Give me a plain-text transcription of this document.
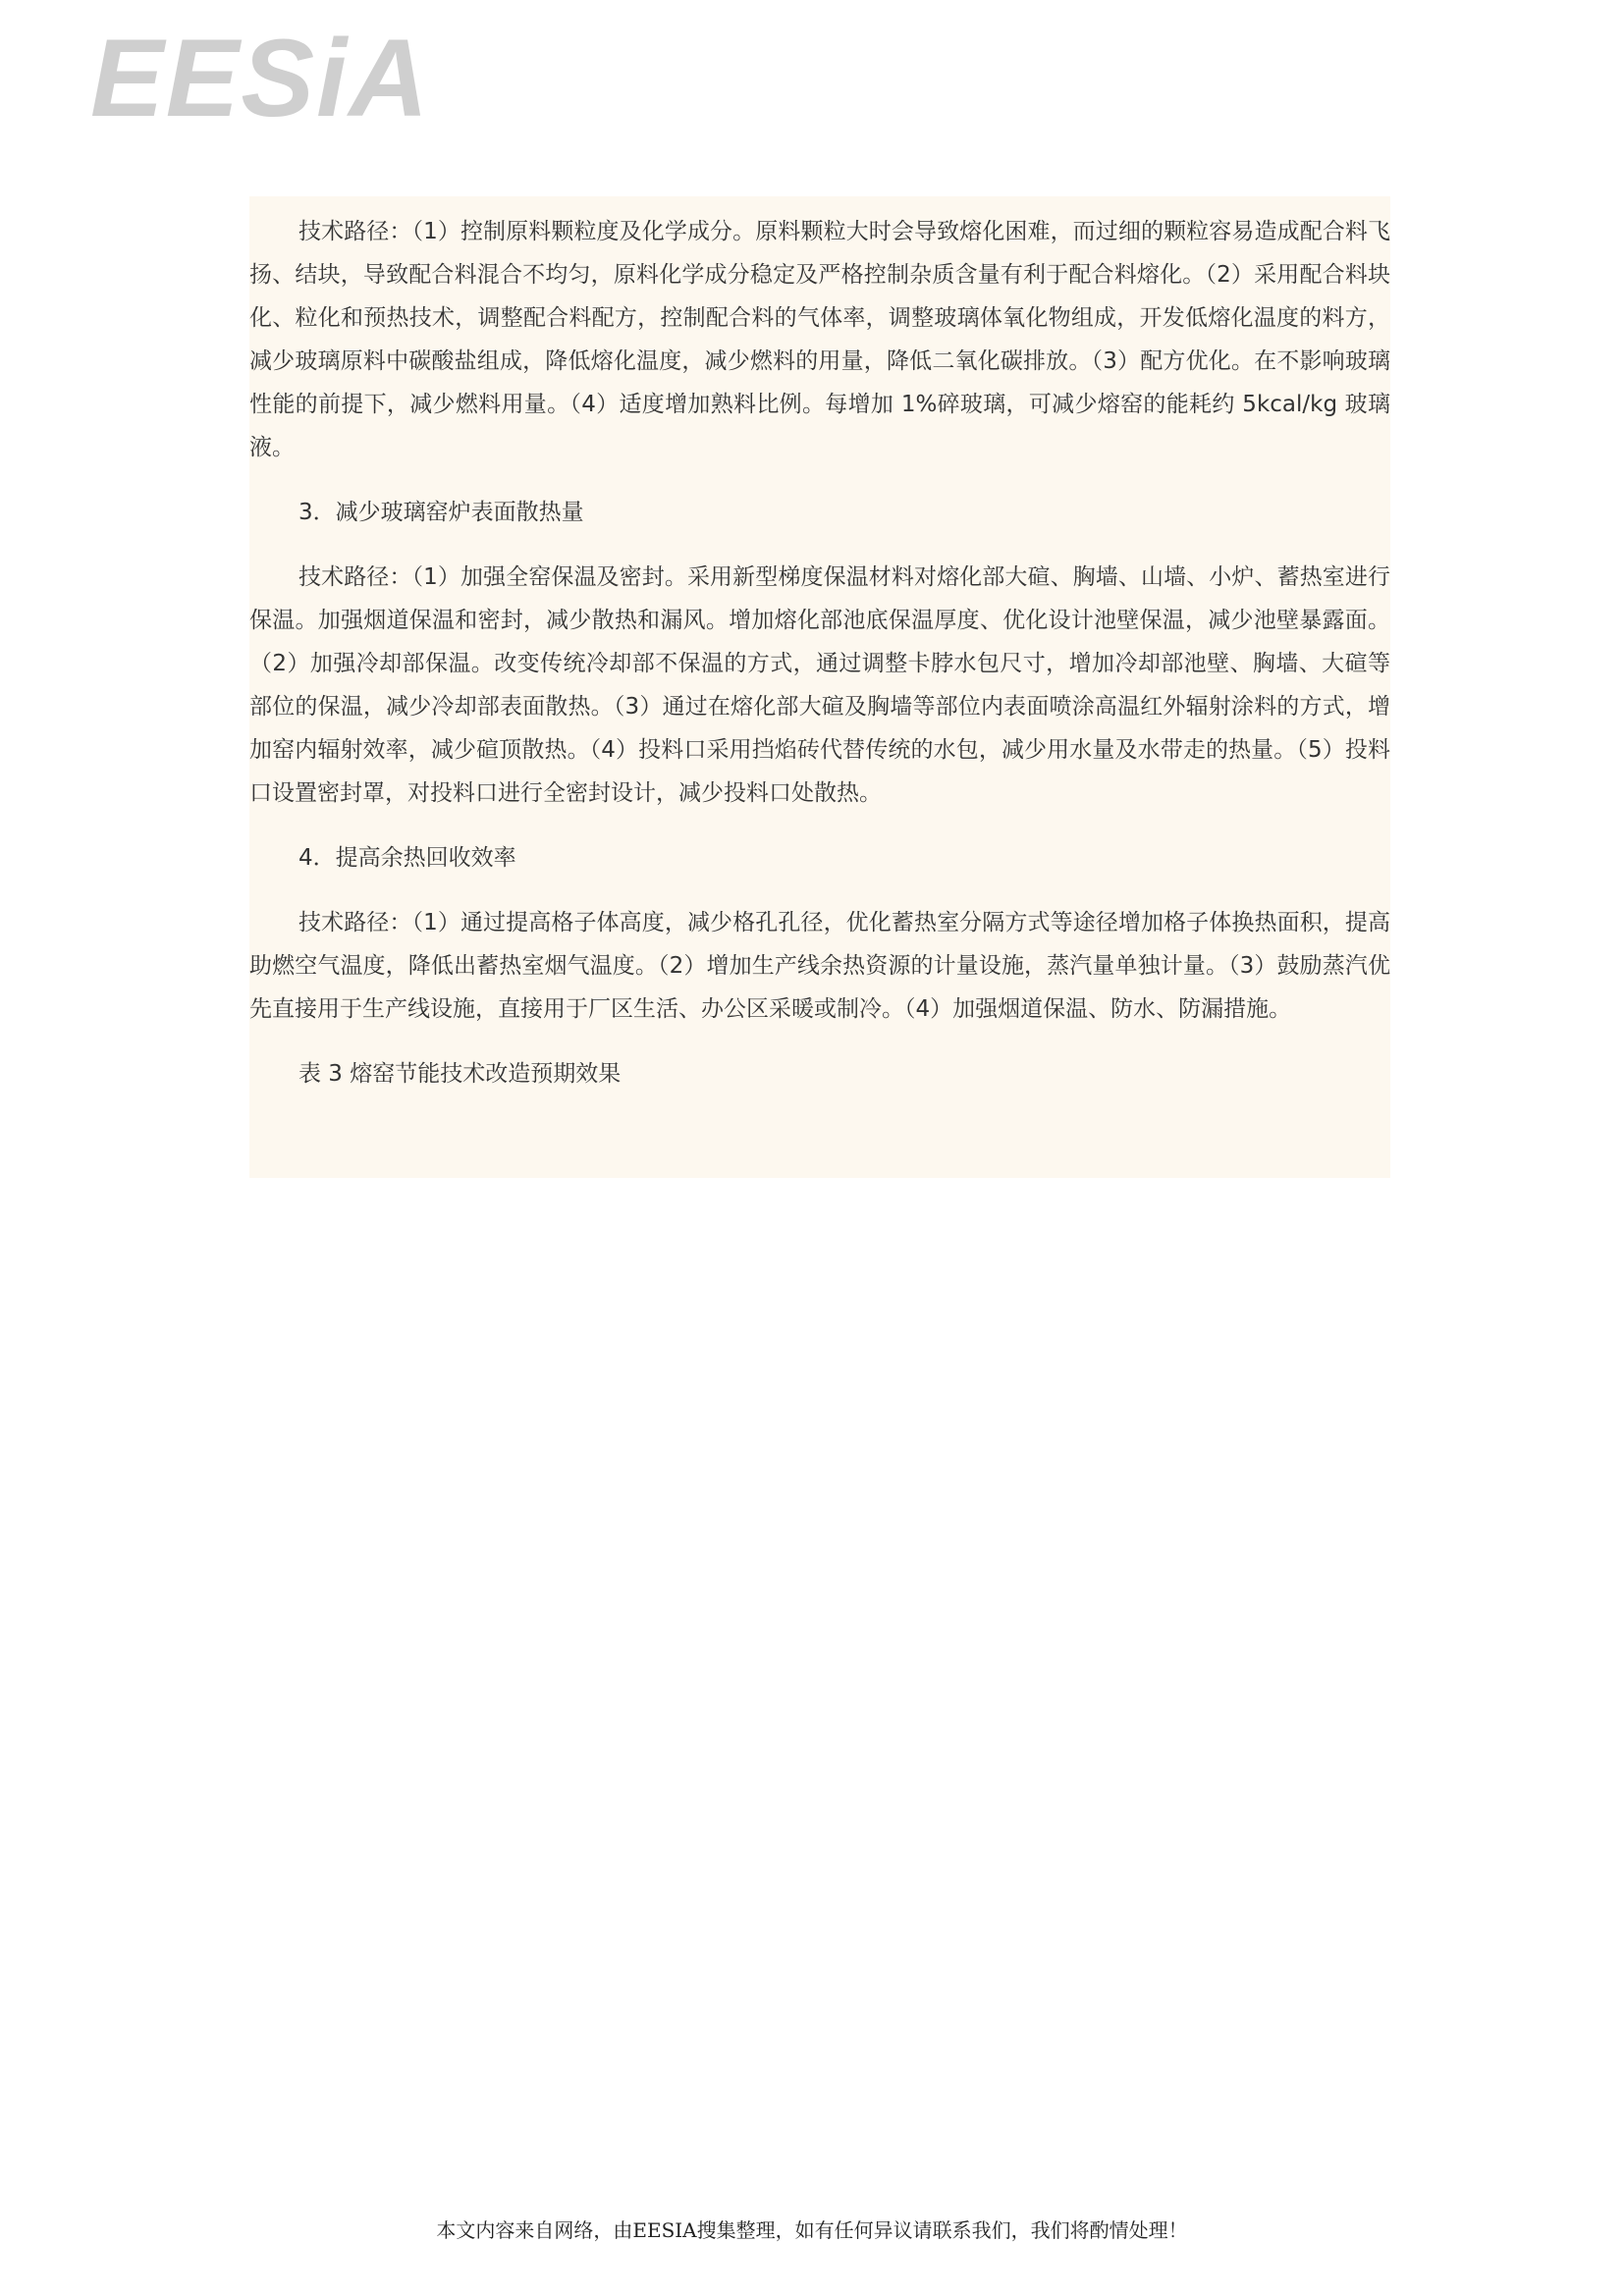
EESiA

技术路径：（1）控制原料颗粒度及化学成分。原料颗粒大时会导致熔化困难，而过细的颗粒容易造成配合料飞扬、结块，导致配合料混合不均匀，原料化学成分稳定及严格控制杂质含量有利于配合料熔化。（2）采用配合料块化、粒化和预热技术，调整配合料配方，控制配合料的气体率，调整玻璃体氧化物组成，开发低熔化温度的料方，减少玻璃原料中碳酸盐组成，降低熔化温度，减少燃料的用量，降低二氧化碳排放。（3）配方优化。在不影响玻璃性能的前提下，减少燃料用量。（4）适度增加熟料比例。每增加 1%碎玻璃，可减少熔窑的能耗约 5kcal/kg 玻璃液。

3．减少玻璃窑炉表面散热量

技术路径：（1）加强全窑保温及密封。采用新型梯度保温材料对熔化部大碹、胸墙、山墙、小炉、蓄热室进行保温。加强烟道保温和密封，减少散热和漏风。增加熔化部池底保温厚度、优化设计池壁保温，减少池壁暴露面。（2）加强冷却部保温。改变传统冷却部不保温的方式，通过调整卡脖水包尺寸，增加冷却部池壁、胸墙、大碹等部位的保温，减少冷却部表面散热。（3）通过在熔化部大碹及胸墙等部位内表面喷涂高温红外辐射涂料的方式，增加窑内辐射效率，减少碹顶散热。（4）投料口采用挡焰砖代替传统的水包，减少用水量及水带走的热量。（5）投料口设置密封罩，对投料口进行全密封设计，减少投料口处散热。

4．提高余热回收效率

技术路径：（1）通过提高格子体高度，减少格孔孔径，优化蓄热室分隔方式等途径增加格子体换热面积，提高助燃空气温度，降低出蓄热室烟气温度。（2）增加生产线余热资源的计量设施，蒸汽量单独计量。（3）鼓励蒸汽优先直接用于生产线设施，直接用于厂区生活、办公区采暖或制冷。（4）加强烟道保温、防水、防漏措施。

表 3 熔窑节能技术改造预期效果

本文内容来自网络，由EESIA搜集整理，如有任何异议请联系我们，我们将酌情处理！
